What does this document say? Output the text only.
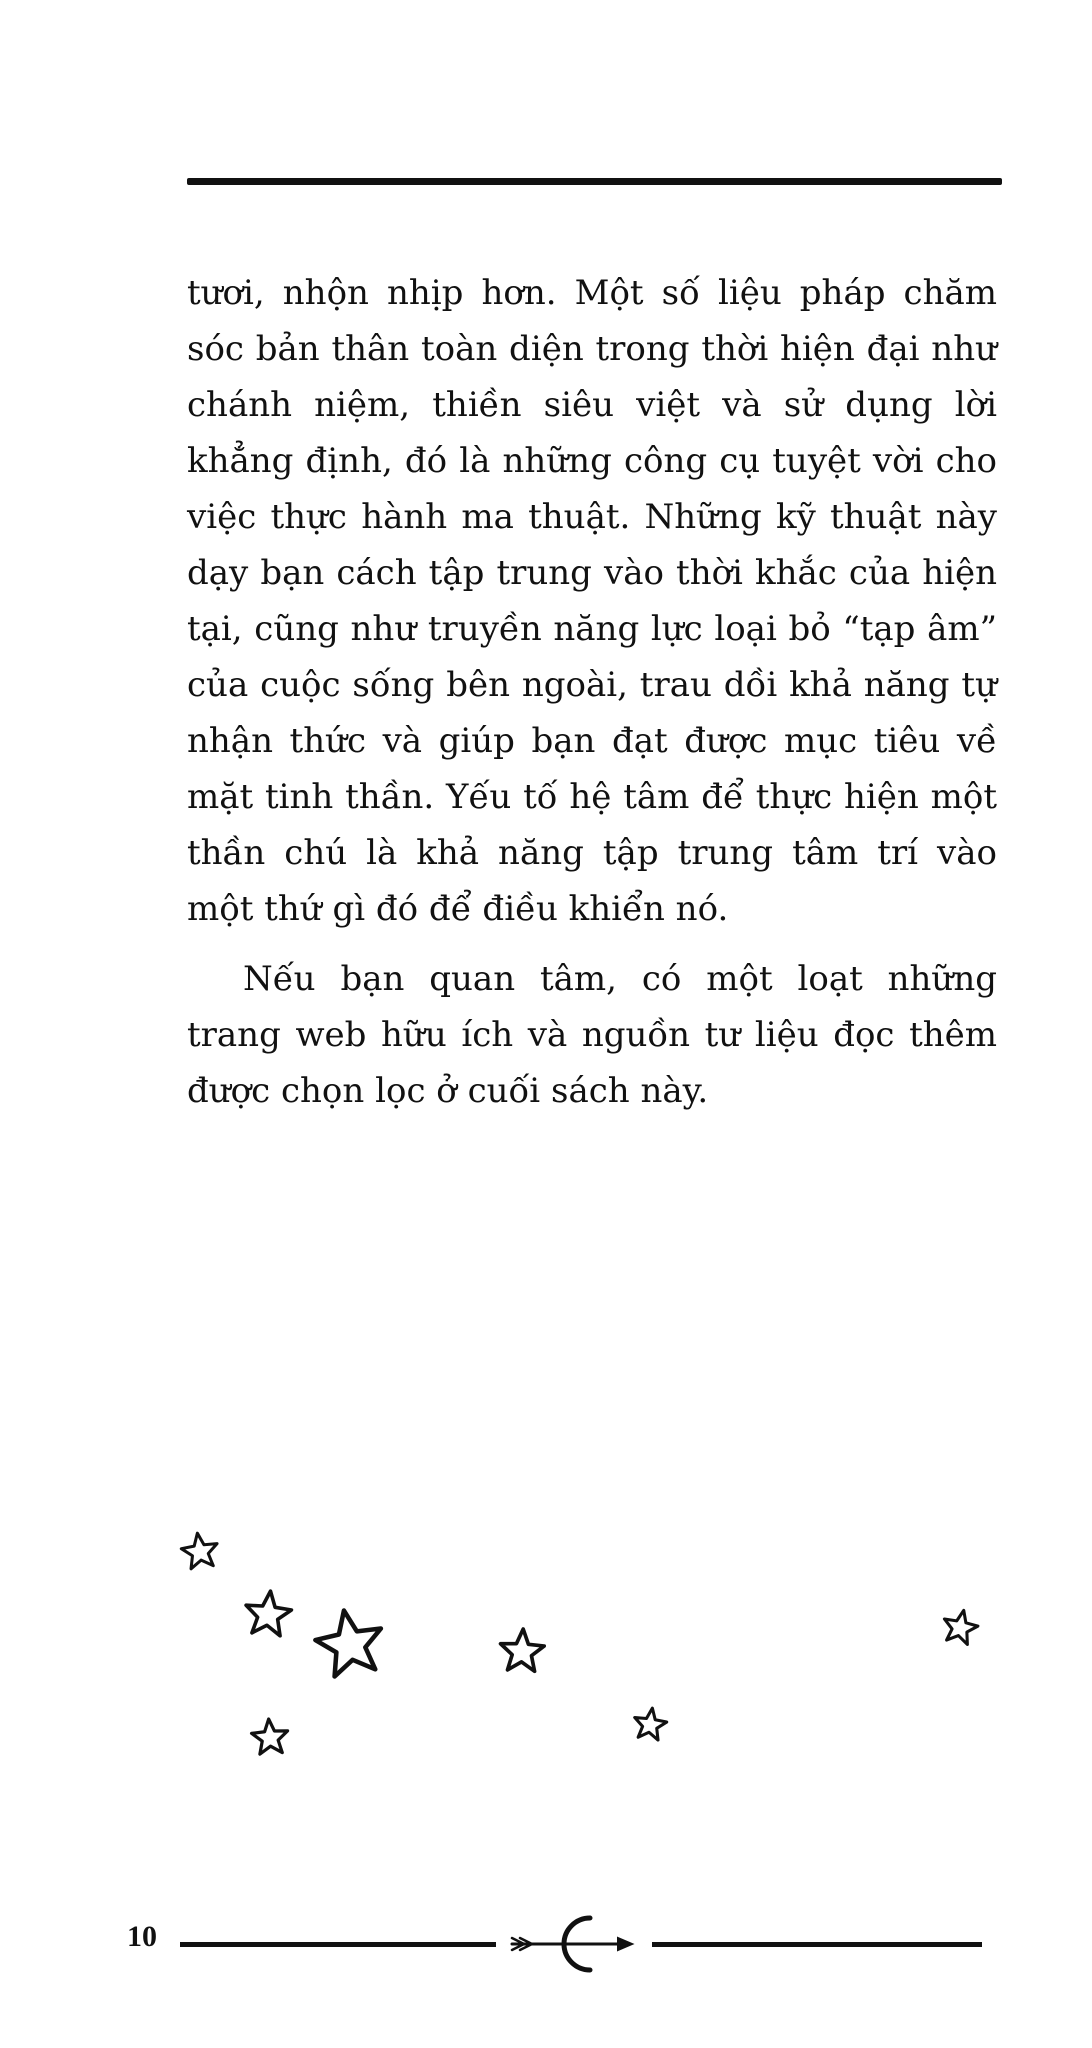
tươi, nhộn nhịp hơn. Một số liệu pháp chăm sóc bản thân toàn diện trong thời hiện đại như chánh niệm, thiền siêu việt và sử dụng lời khẳng định, đó là những công cụ tuyệt vời cho việc thực hành ma thuật. Những kỹ thuật này dạy bạn cách tập trung vào thời khắc của hiện tại, cũng như truyền năng lực loại bỏ “tạp âm” của cuộc sống bên ngoài, trau dồi khả năng tự nhận thức và giúp bạn đạt được mục tiêu về mặt tinh thần. Yếu tố hệ tâm để thực hiện một thần chú là khả năng tập trung tâm trí vào một thứ gì đó để điều khiển nó.

Nếu bạn quan tâm, có một loạt những trang web hữu ích và nguồn tư liệu đọc thêm được chọn lọc ở cuối sách này.

10
